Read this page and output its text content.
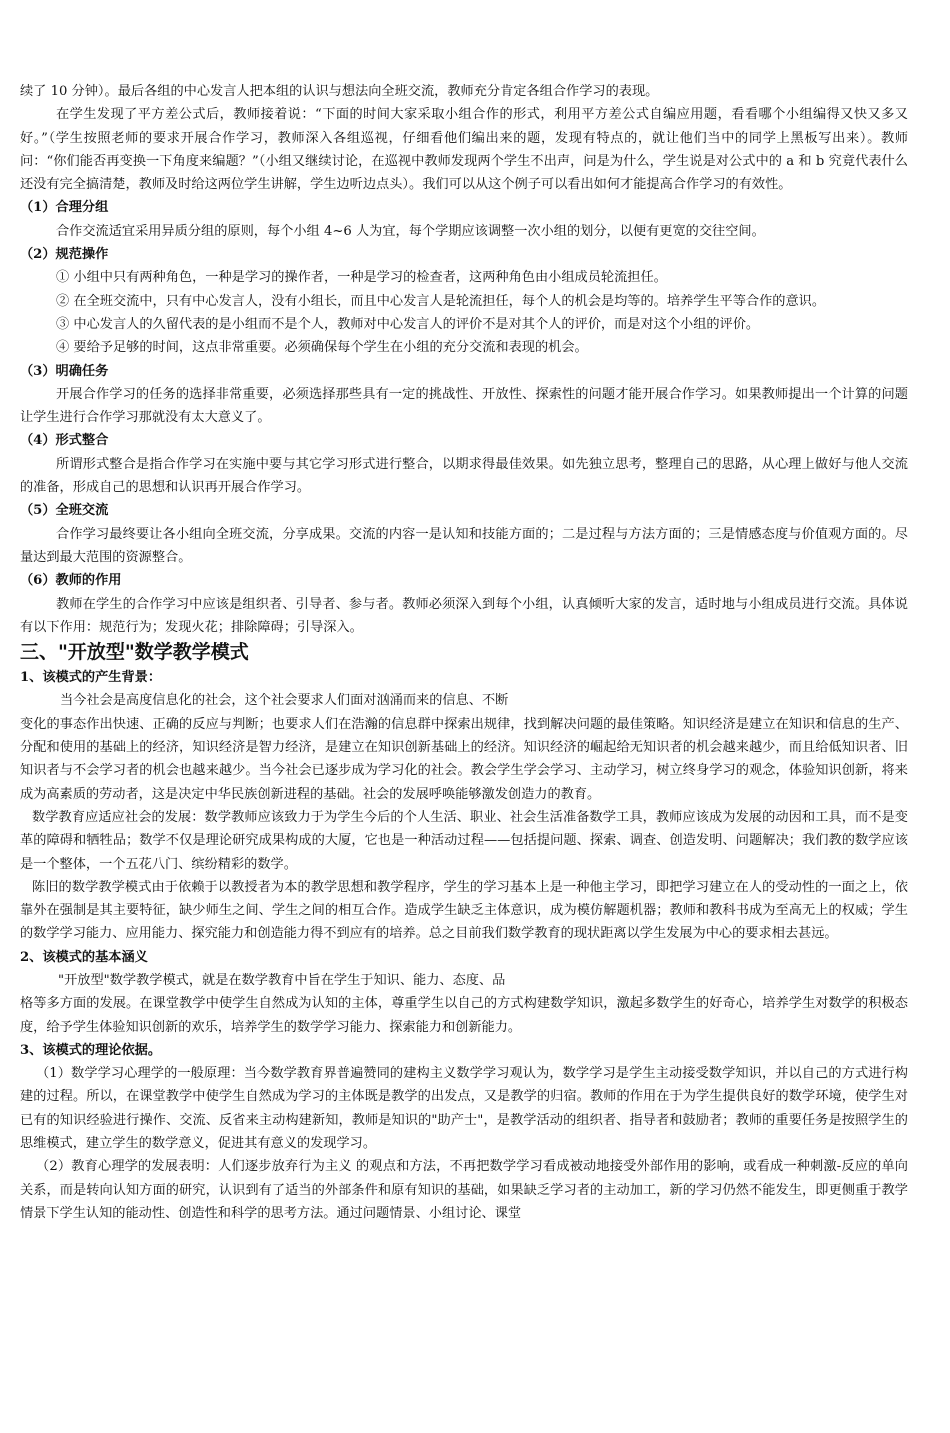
续了 10 分钟）。最后各组的中心发言人把本组的认识与想法向全班交流，教师充分肯定各组合作学习的表现。

在学生发现了平方差公式后，教师接着说：“下面的时间大家采取小组合作的形式，利用平方差公式自编应用题，看看哪个小组编得又快又多又好。”（学生按照老师的要求开展合作学习，教师深入各组巡视，仔细看他们编出来的题，发现有特点的，就让他们当中的同学上黑板写出来）。教师问：“你们能否再变换一下角度来编题？”（小组又继续讨论，在巡视中教师发现两个学生不出声，问是为什么，学生说是对公式中的 a 和 b 究竟代表什么还没有完全搞清楚，教师及时给这两位学生讲解，学生边听边点头）。我们可以从这个例子可以看出如何才能提高合作学习的有效性。

（1）合理分组

合作交流适宜采用异质分组的原则，每个小组 4~6 人为宜，每个学期应该调整一次小组的划分，以便有更宽的交往空间。

（2）规范操作

① 小组中只有两种角色，一种是学习的操作者，一种是学习的检查者，这两种角色由小组成员轮流担任。

② 在全班交流中，只有中心发言人，没有小组长，而且中心发言人是轮流担任，每个人的机会是均等的。培养学生平等合作的意识。

③ 中心发言人的久留代表的是小组而不是个人，教师对中心发言人的评价不是对其个人的评价，而是对这个小组的评价。

④ 要给予足够的时间，这点非常重要。必须确保每个学生在小组的充分交流和表现的机会。

（3）明确任务

开展合作学习的任务的选择非常重要，必须选择那些具有一定的挑战性、开放性、探索性的问题才能开展合作学习。如果教师提出一个计算的问题让学生进行合作学习那就没有太大意义了。

（4）形式整合

所谓形式整合是指合作学习在实施中要与其它学习形式进行整合，以期求得最佳效果。如先独立思考，整理自己的思路，从心理上做好与他人交流的准备，形成自己的思想和认识再开展合作学习。

（5）全班交流

合作学习最终要让各小组向全班交流，分享成果。交流的内容一是认知和技能方面的；二是过程与方法方面的；三是情感态度与价值观方面的。尽量达到最大范围的资源整合。

（6）教师的作用

教师在学生的合作学习中应该是组织者、引导者、参与者。教师必须深入到每个小组，认真倾听大家的发言，适时地与小组成员进行交流。具体说有以下作用：规范行为；发现火花；排除障碍；引导深入。

三、"开放型"数学教学模式

1、该模式的产生背景：

当今社会是高度信息化的社会，这个社会要求人们面对汹涌而来的信息、不断

变化的事态作出快速、正确的反应与判断；也要求人们在浩瀚的信息群中探索出规律，找到解决问题的最佳策略。知识经济是建立在知识和信息的生产、分配和使用的基础上的经济，知识经济是智力经济，是建立在知识创新基础上的经济。知识经济的崛起给无知识者的机会越来越少，而且给低知识者、旧知识者与不会学习者的机会也越来越少。当今社会已逐步成为学习化的社会。教会学生学会学习、主动学习，树立终身学习的观念，体验知识创新，将来成为高素质的劳动者，这是决定中华民族创新进程的基础。社会的发展呼唤能够激发创造力的教育。

数学教育应适应社会的发展：数学教师应该致力于为学生今后的个人生活、职业、社会生活准备数学工具，教师应该成为发展的动因和工具，而不是变革的障碍和牺牲品；数学不仅是理论研究成果构成的大厦，它也是一种活动过程——包括提问题、探索、调查、创造发明、问题解决；我们教的数学应该是一个整体，一个五花八门、缤纷精彩的数学。

陈旧的数学教学模式由于依赖于以教授者为本的教学思想和教学程序，学生的学习基本上是一种他主学习，即把学习建立在人的受动性的一面之上，依靠外在强制是其主要特征，缺少师生之间、学生之间的相互合作。造成学生缺乏主体意识，成为模仿解题机器；教师和教科书成为至高无上的权威；学生的数学学习能力、应用能力、探究能力和创造能力得不到应有的培养。总之目前我们数学教育的现状距离以学生发展为中心的要求相去甚远。

2、该模式的基本涵义

"开放型"数学教学模式，就是在数学教育中旨在学生于知识、能力、态度、品

格等多方面的发展。在课堂教学中使学生自然成为认知的主体，尊重学生以自己的方式构建数学知识，激起多数学生的好奇心，培养学生对数学的积极态度，给予学生体验知识创新的欢乐，培养学生的数学学习能力、探索能力和创新能力。

3、该模式的理论依据。

（1）数学学习心理学的一般原理：当今数学教育界普遍赞同的建构主义数学学习观认为，数学学习是学生主动接受数学知识，并以自己的方式进行构建的过程。所以，在课堂教学中使学生自然成为学习的主体既是教学的出发点，又是教学的归宿。教师的作用在于为学生提供良好的数学环境，使学生对已有的知识经验进行操作、交流、反省来主动构建新知，教师是知识的"助产士"，是教学活动的组织者、指导者和鼓励者；教师的重要任务是按照学生的思维模式，建立学生的数学意义，促进其有意义的发现学习。

（2）教育心理学的发展表明：人们逐步放弃行为主义 的观点和方法，不再把数学学习看成被动地接受外部作用的影响，或看成一种刺激-反应的单向关系，而是转向认知方面的研究，认识到有了适当的外部条件和原有知识的基础，如果缺乏学习者的主动加工，新的学习仍然不能发生，即更侧重于教学情景下学生认知的能动性、创造性和科学的思考方法。通过问题情景、小组讨论、课堂
